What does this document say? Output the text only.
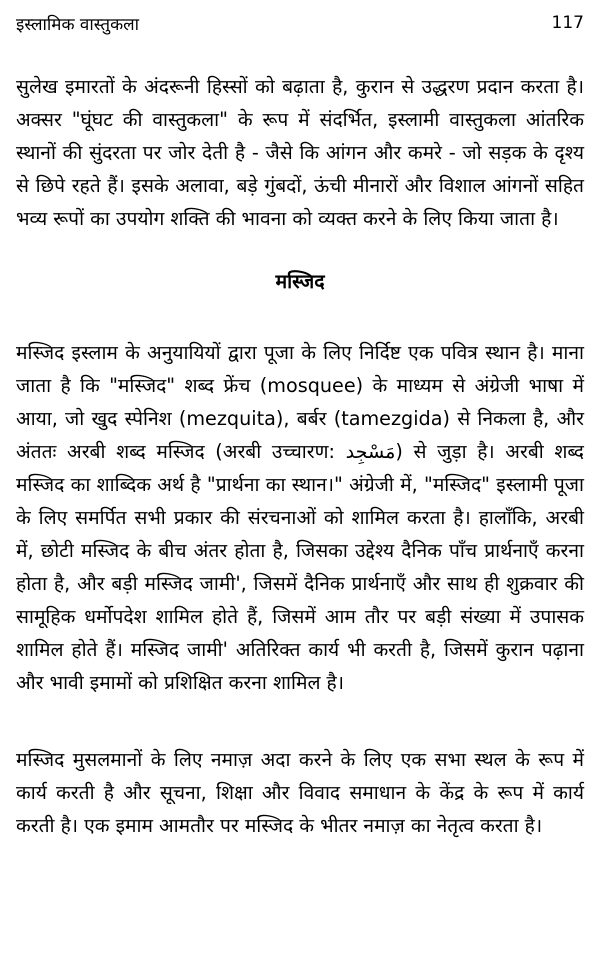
इस्लामिक वास्तुकला	117

सुलेख इमारतों के अंदरूनी हिस्सों को बढ़ाता है, कुरान से उद्धरण प्रदान करता है। अक्सर "घूंघट की वास्तुकला" के रूप में संदर्भित, इस्लामी वास्तुकला आंतरिक स्थानों की सुंदरता पर जोर देती है - जैसे कि आंगन और कमरे - जो सड़क के दृश्य से छिपे रहते हैं। इसके अलावा, बड़े गुंबदों, ऊंची मीनारों और विशाल आंगनों सहित भव्य रूपों का उपयोग शक्ति की भावना को व्यक्त करने के लिए किया जाता है।

मस्जिद

मस्जिद इस्लाम के अनुयायियों द्वारा पूजा के लिए निर्दिष्ट एक पवित्र स्थान है। माना जाता है कि "मस्जिद" शब्द फ्रेंच (mosquee) के माध्यम से अंग्रेजी भाषा में आया, जो खुद स्पेनिश (mezquita), बर्बर (tamezgida) से निकला है, और अंततः अरबी शब्द मस्जिद (अरबी उच्चारण: مَسْجِد) से जुड़ा है। अरबी शब्द मस्जिद का शाब्दिक अर्थ है "प्रार्थना का स्थान।" अंग्रेजी में, "मस्जिद" इस्लामी पूजा के लिए समर्पित सभी प्रकार की संरचनाओं को शामिल करता है। हालाँकि, अरबी में, छोटी मस्जिद के बीच अंतर होता है, जिसका उद्देश्य दैनिक पाँच प्रार्थनाएँ करना होता है, और बड़ी मस्जिद जामी', जिसमें दैनिक प्रार्थनाएँ और साथ ही शुक्रवार की सामूहिक धर्मोपदेश शामिल होते हैं, जिसमें आम तौर पर बड़ी संख्या में उपासक शामिल होते हैं। मस्जिद जामी' अतिरिक्त कार्य भी करती है, जिसमें कुरान पढ़ाना और भावी इमामों को प्रशिक्षित करना शामिल है।

मस्जिद मुसलमानों के लिए नमाज़ अदा करने के लिए एक सभा स्थल के रूप में कार्य करती है और सूचना, शिक्षा और विवाद समाधान के केंद्र के रूप में कार्य करती है। एक इमाम आमतौर पर मस्जिद के भीतर नमाज़ का नेतृत्व करता है।
